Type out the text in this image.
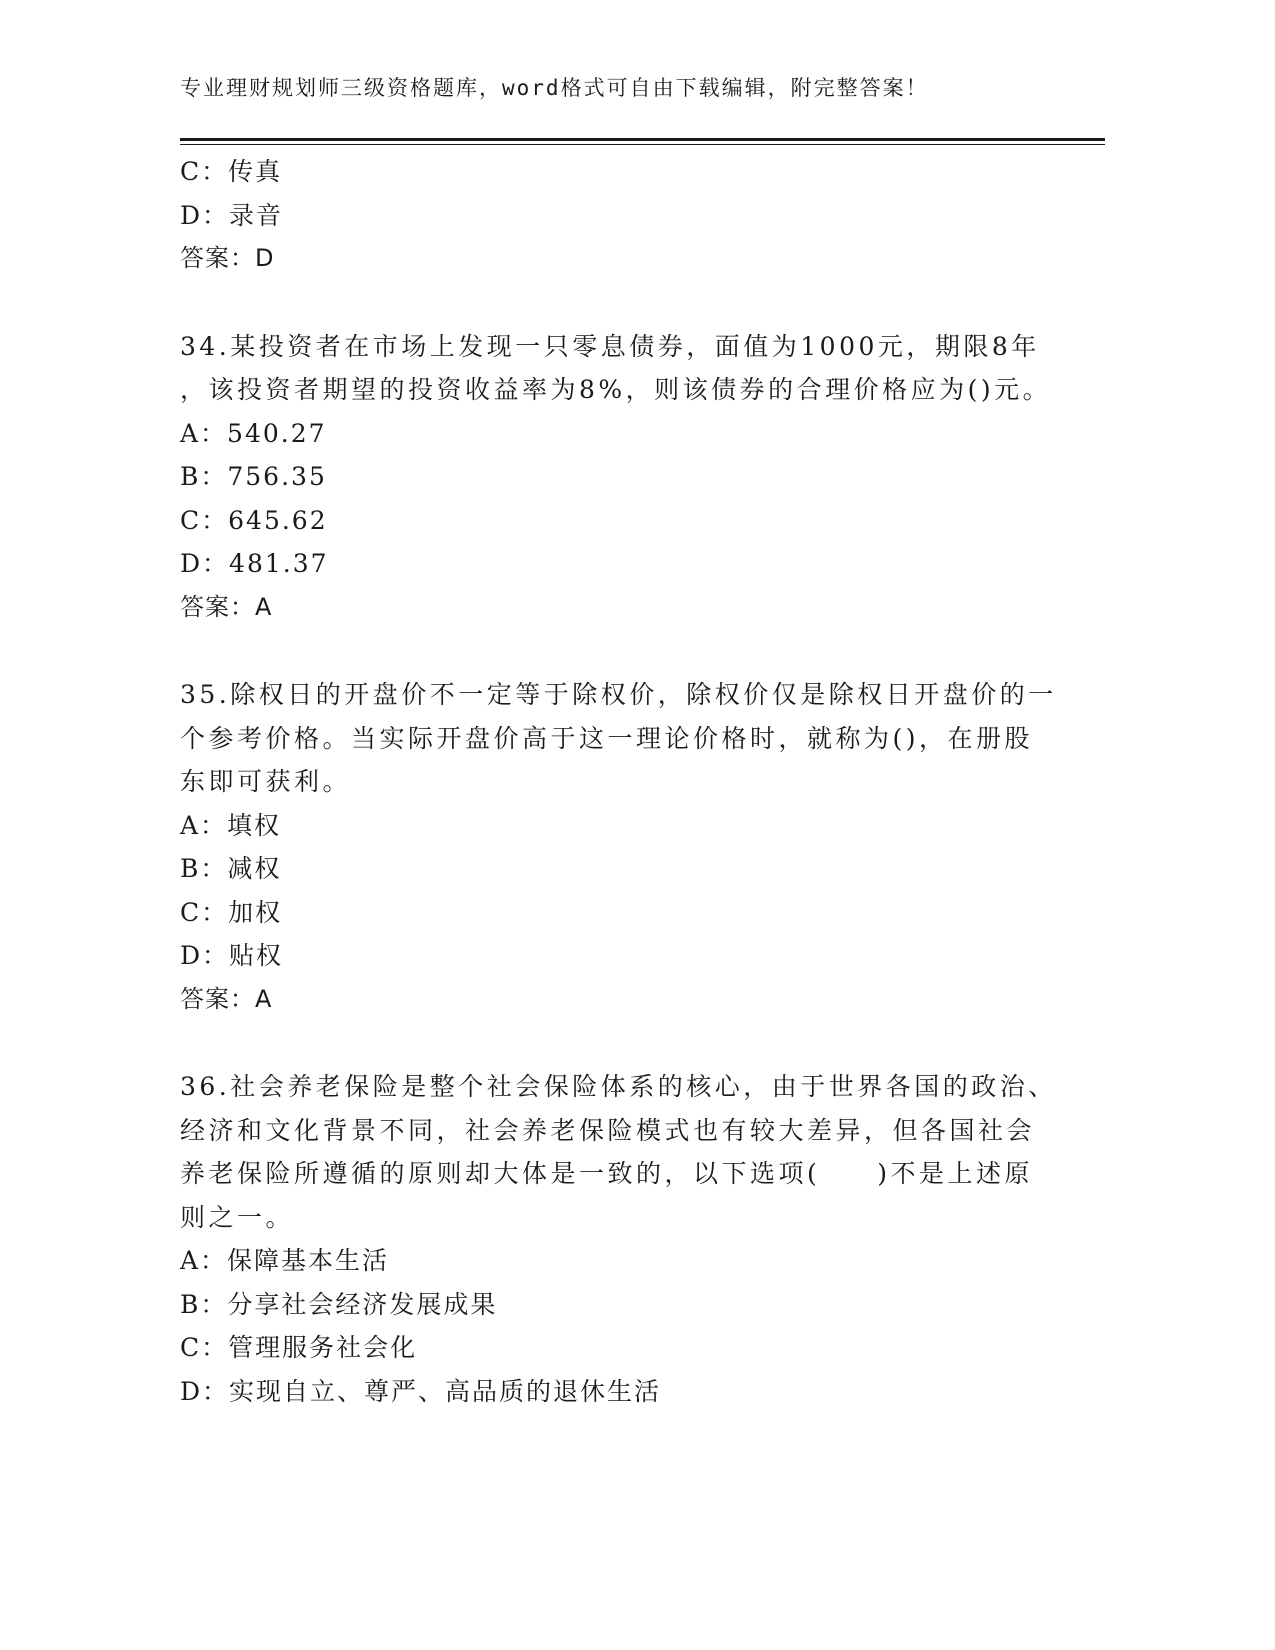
专业理财规划师三级资格题库，word格式可自由下载编辑，附完整答案！
C：传真
D：录音
答案：D
34.某投资者在市场上发现一只零息债券，面值为1000元，期限8年
，该投资者期望的投资收益率为8%，则该债券的合理价格应为()元。
A：540.27
B：756.35
C：645.62
D：481.37
答案：A
35.除权日的开盘价不一定等于除权价，除权价仅是除权日开盘价的一
个参考价格。当实际开盘价高于这一理论价格时，就称为()，在册股
东即可获利。
A：填权
B：减权
C：加权
D：贴权
答案：A
36.社会养老保险是整个社会保险体系的核心，由于世界各国的政治、
经济和文化背景不同，社会养老保险模式也有较大差异，但各国社会
养老保险所遵循的原则却大体是一致的，以下选项(　　)不是上述原
则之一。
A：保障基本生活
B：分享社会经济发展成果
C：管理服务社会化
D：实现自立、尊严、高品质的退休生活
